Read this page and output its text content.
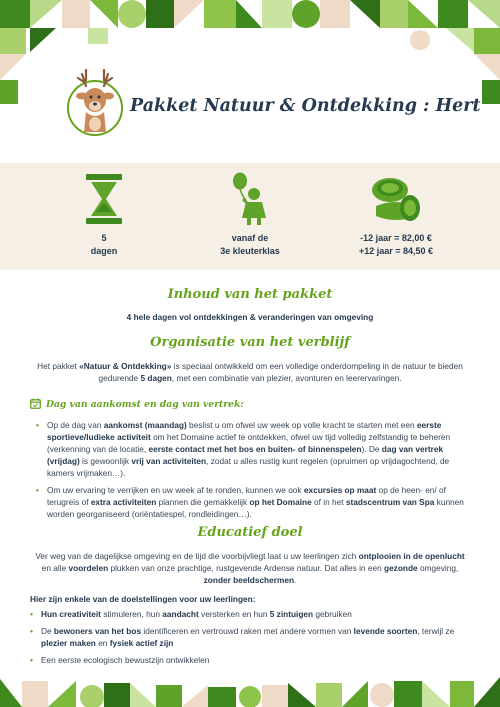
Pakket Natuur & Ontdekking : Hert
5
dagen
vanaf de
3e kleuterklas
-12 jaar = 82,00 €
+12 jaar = 84,50 €
Inhoud van het pakket
4 hele dagen vol ontdekkingen & veranderingen van omgeving
Organisatie van het verblijf
Het pakket «Natuur & Ontdekking» is speciaal ontwikkeld om een volledige onderdompeling in de natuur te bieden gedurende 5 dagen, met een combinatie van plezier, avonturen en leerervaringen.
Dag van aankomst en dag van vertrek:
• Op de dag van aankomst (maandag) beslist u om ofwel uw week op volle kracht te starten met een eerste sportieve/ludieke activiteit om het Domaine actief te ontdekken, ofwel uw tijd volledig zelfstandig te beheren (verkenning van de locatie, eerste contact met het bos en buiten- of binnenspelen). De dag van vertrek (vrijdag) is gewoonlijk vrij van activiteiten, zodat u alles rustig kunt regelen (opruimen op vrijdagochtend, de kamers vrijmaken…).
• Om uw ervaring te verrijken en uw week af te ronden, kunnen we ook excursies op maat op de heen- en/ of terugreis of extra activiteiten plannen die gemakkelijk op het Domaine of in het stadscentrum van Spa kunnen worden georganiseerd (oriëntatiespel, rondleidingen…).
Educatief doel
Ver weg van de dagelijkse omgeving en de tijd die voorbijvliegt laat u uw leerlingen zich ontplooien in de openlucht en alle voordelen plukken van onze prachtige, rustgevende Ardense natuur. Dat alles in een gezonde omgeving, zonder beeldschermen.
Hier zijn enkele van de doelstellingen voor uw leerlingen:
• Hun creativiteit stimuleren, hun aandacht versterken en hun 5 zintuigen gebruiken
• De bewoners van het bos identificeren en vertrouwd raken met andere vormen van levende soorten, terwijl ze plezier maken en fysiek actief zijn
• Een eerste ecologisch bewustzijn ontwikkelen
